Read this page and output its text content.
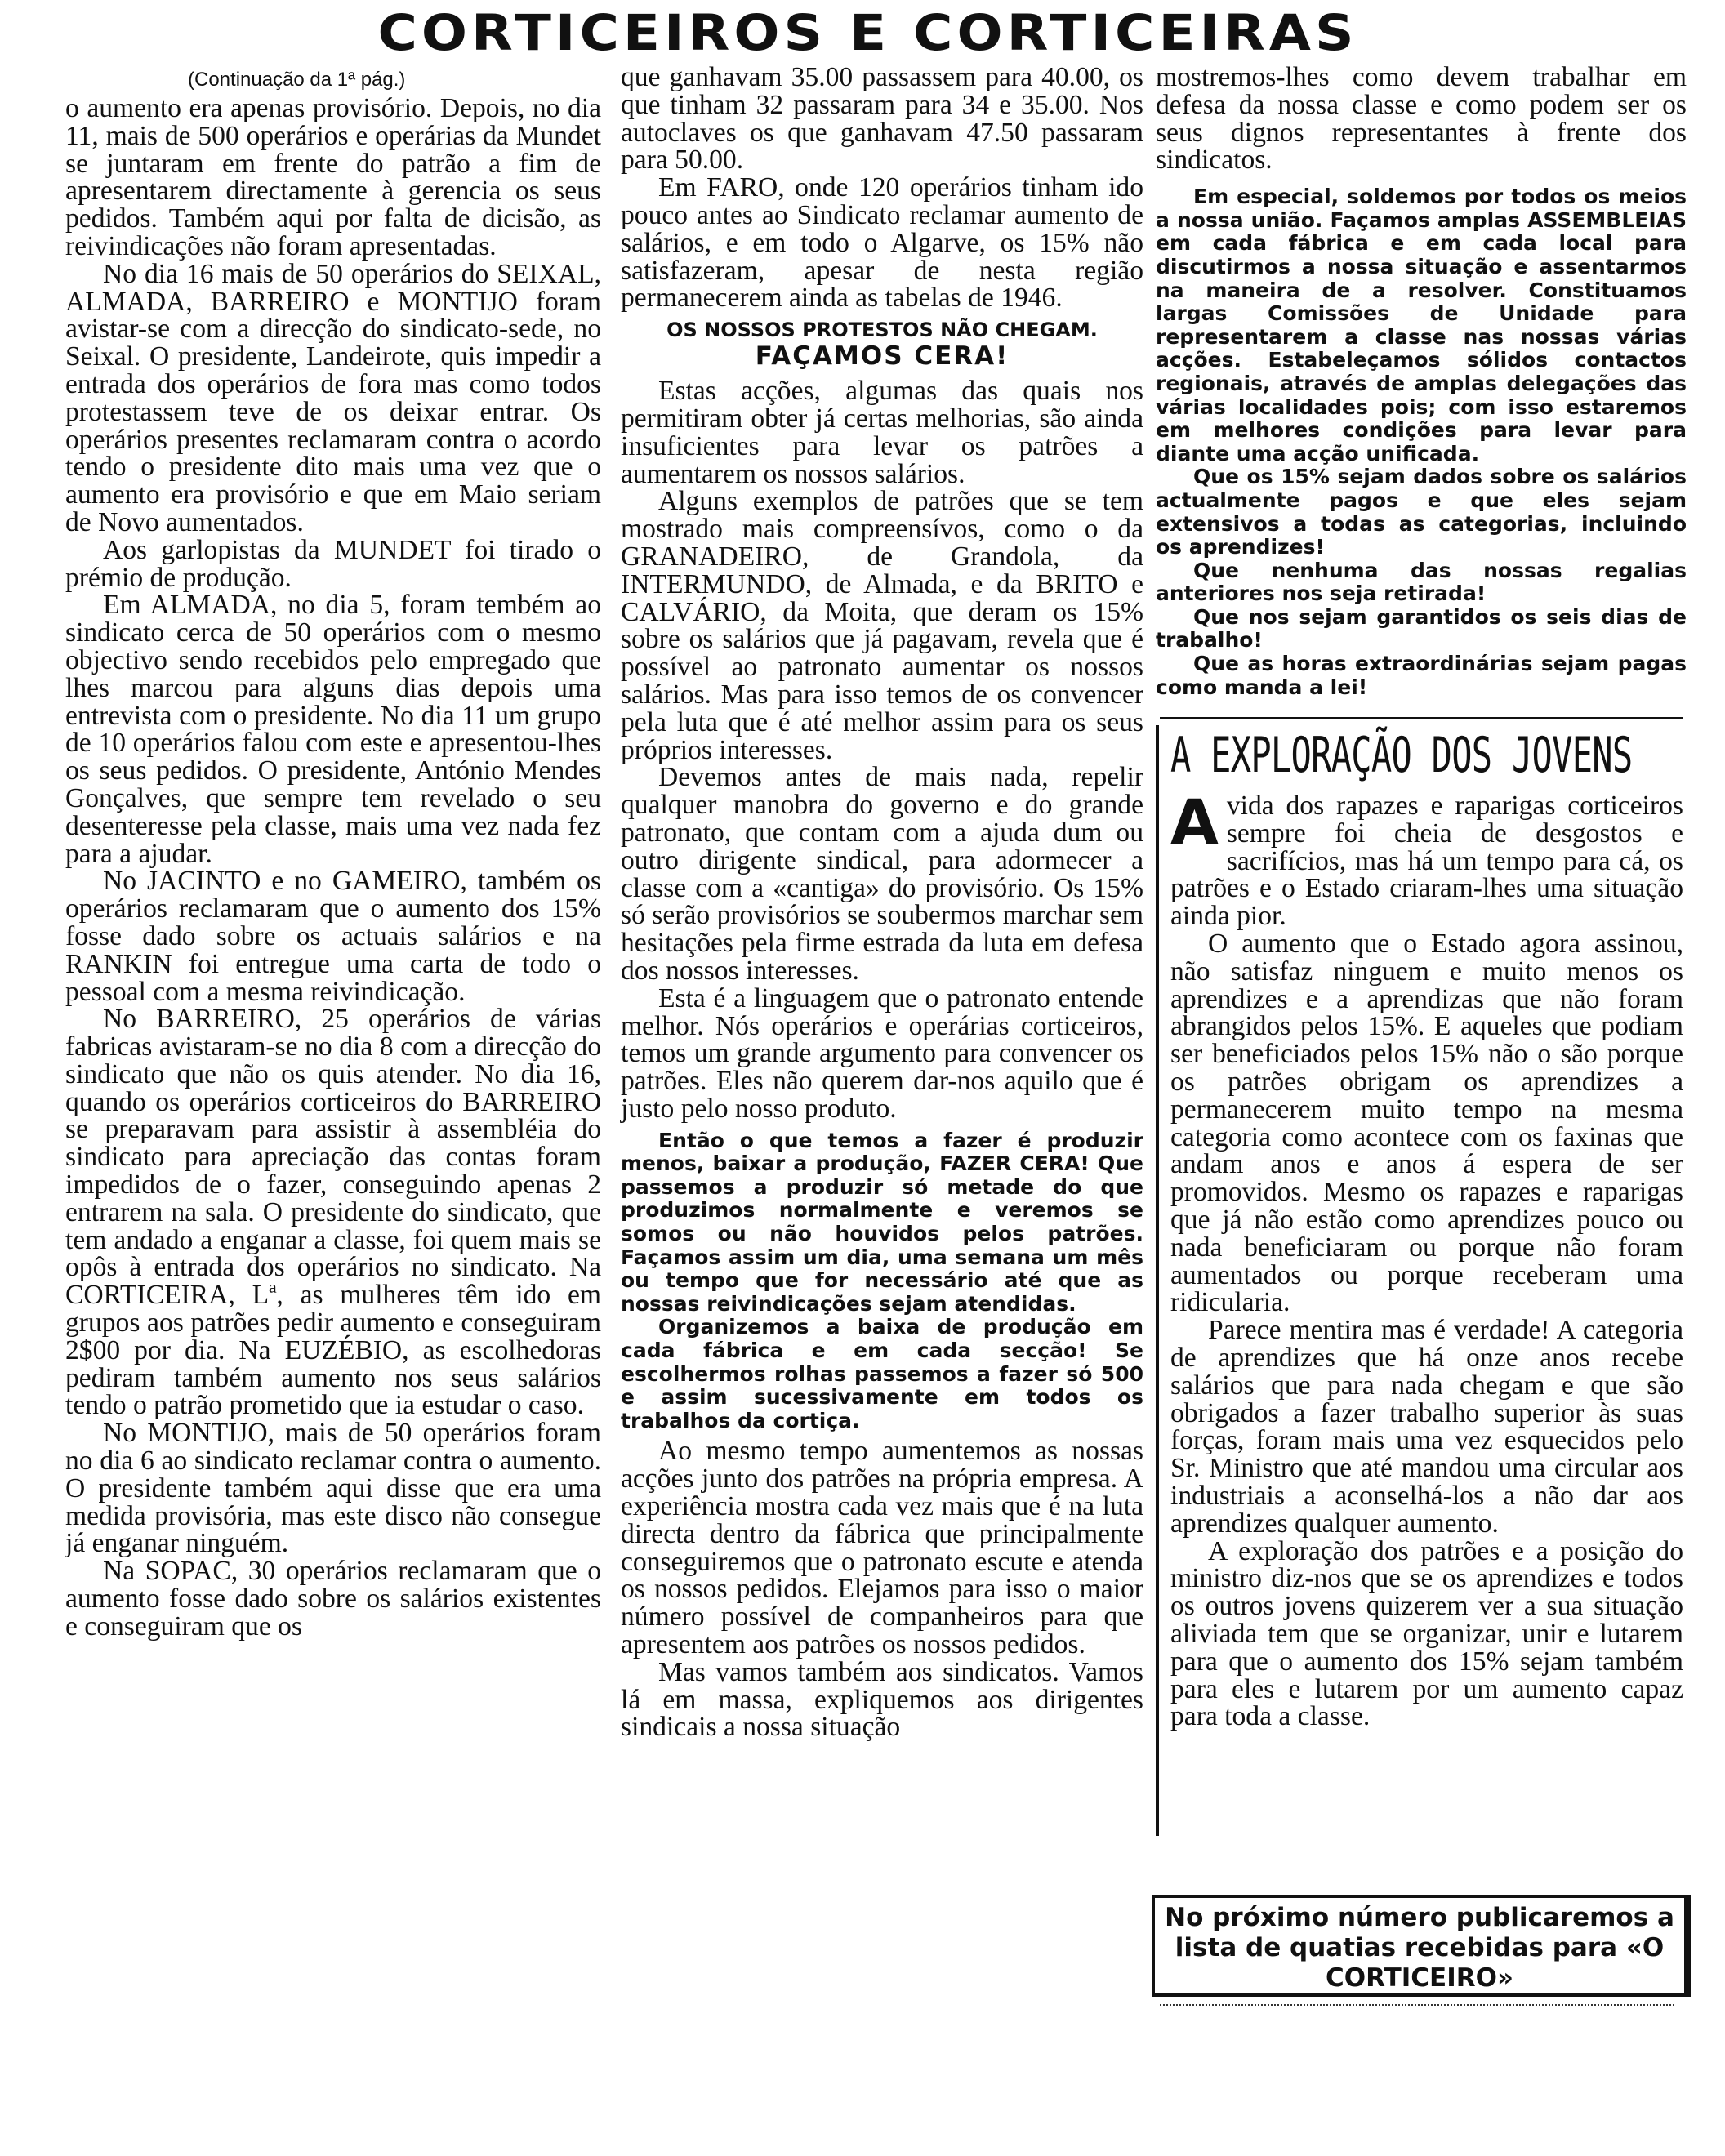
CORTICEIROS E CORTICEIRAS
(Continuação da 1ª pág.)

o aumento era apenas provisório. Depois, no dia 11, mais de 500 operários e operárias da Mundet se juntaram em frente do patrão a fim de apresentarem directamente à gerencia os seus pedidos. Também aqui por falta de dicisão, as reivindicações não foram apresentadas.

No dia 16 mais de 50 operários do SEIXAL, ALMADA, BARREIRO e MONTIJO foram avistar-se com a direcção do sindicato-sede, no Seixal. O presidente, Landeirote, quis impedir a entrada dos operários de fora mas como todos protestassem teve de os deixar entrar. Os operários presentes reclamaram contra o acordo tendo o presidente dito mais uma vez que o aumento era provisório e que em Maio seriam de Novo aumentados.

Aos garlopistas da MUNDET foi tirado o prémio de produção.

Em ALMADA, no dia 5, foram tembém ao sindicato cerca de 50 operários com o mesmo objectivo sendo recebidos pelo empregado que lhes marcou para alguns dias depois uma entrevista com o presidente. No dia 11 um grupo de 10 operários falou com este e apresentou-lhes os seus pedidos. O presidente, António Mendes Gonçalves, que sempre tem revelado o seu desenteresse pela classe, mais uma vez nada fez para a ajudar.

No JACINTO e no GAMEIRO, também os operários reclamaram que o aumento dos 15% fosse dado sobre os actuais salários e na RANKIN foi entregue uma carta de todo o pessoal com a mesma reivindicação.

No BARREIRO, 25 operários de várias fabricas avistaram-se no dia 8 com a direcção do sindicato que não os quis atender. No dia 16, quando os operários corticeiros do BARREIRO se preparavam para assistir à assembléia do sindicato para apreciação das contas foram impedidos de o fazer, conseguindo apenas 2 entrarem na sala. O presidente do sindicato, que tem andado a enganar a classe, foi quem mais se opôs à entrada dos operários no sindicato. Na CORTICEIRA, Lª, as mulheres têm ido em grupos aos patrões pedir aumento e conseguiram 2$00 por dia. Na EUZÉBIO, as escolhedoras pediram também aumento nos seus salários tendo o patrão prometido que ia estudar o caso.

No MONTIJO, mais de 50 operários foram no dia 6 ao sindicato reclamar contra o aumento. O presidente também aqui disse que era uma medida provisória, mas este disco não consegue já enganar ninguém.

Na SOPAC, 30 operários reclamaram que o aumento fosse dado sobre os salários existentes e conseguiram que os

que ganhavam 35.00 passassem para 40.00, os que tinham 32 passaram para 34 e 35.00. Nos autoclaves os que ganhavam 47.50 passaram para 50.00.

Em FARO, onde 120 operários tinham ido pouco antes ao Sindicato reclamar aumento de salários, e em todo o Algarve, os 15% não satisfazeram, apesar de nesta região permanecerem ainda as tabelas de 1946.

OS NOSSOS PROTESTOS NÃO CHEGAM.
FAÇAMOS CERA!

Estas acções, algumas das quais nos permitiram obter já certas melhorias, são ainda insuficientes para levar os patrões a aumentarem os nossos salários.

Alguns exemplos de patrões que se tem mostrado mais compreensívos, como o da GRANADEIRO, de Grandola, da INTERMUNDO, de Almada, e da BRITO e CALVÁRIO, da Moita, que deram os 15% sobre os salários que já pagavam, revela que é possível ao patronato aumentar os nossos salários. Mas para isso temos de os convencer pela luta que é até melhor assim para os seus próprios interesses.

Devemos antes de mais nada, repelir qualquer manobra do governo e do grande patronato, que contam com a ajuda dum ou outro dirigente sindical, para adormecer a classe com a «cantiga» do provisório. Os 15% só serão provisórios se soubermos marchar sem hesitações pela firme estrada da luta em defesa dos nossos interesses.

Esta é a linguagem que o patronato entende melhor. Nós operários e operárias corticeiros, temos um grande argumento para convencer os patrões. Eles não querem dar-nos aquilo que é justo pelo nosso produto.

Então o que temos a fazer é produzir menos, baixar a produção, FAZER CERA! Que passemos a produzir só metade do que produzimos normalmente e veremos se somos ou não houvidos pelos patrões. Façamos assim um dia, uma semana um mês ou tempo que for necessário até que as nossas reivindicações sejam atendidas.

Organizemos a baixa de produção em cada fábrica e em cada secção! Se escolhermos rolhas passemos a fazer só 500 e assim sucessivamente em todos os trabalhos da cortiça.

Ao mesmo tempo aumentemos as nossas acções junto dos patrões na própria empresa. A experiência mostra cada vez mais que é na luta directa dentro da fábrica que principalmente conseguiremos que o patronato escute e atenda os nossos pedidos. Elejamos para isso o maior número possível de companheiros para que apresentem aos patrões os nossos pedidos.

Mas vamos também aos sindicatos. Vamos lá em massa, expliquemos aos dirigentes sindicais a nossa situação

mostremos-lhes como devem trabalhar em defesa da nossa classe e como podem ser os seus dignos representantes à frente dos sindicatos.

Em especial, soldemos por todos os meios a nossa união. Façamos amplas ASSEMBLEIAS em cada fábrica e em cada local para discutirmos a nossa situação e assentarmos na maneira de a resolver. Constituamos largas Comissões de Unidade para representarem a classe nas nossas várias acções. Estabeleçamos sólidos contactos regionais, através de amplas delegações das várias localidades pois; com isso estaremos em melhores condições para levar para diante uma acção unificada.

Que os 15% sejam dados sobre os salários actualmente pagos e que eles sejam extensivos a todas as categorias, incluindo os aprendizes!

Que nenhuma das nossas regalias anteriores nos seja retirada!

Que nos sejam garantidos os seis dias de trabalho!

Que as horas extraordinárias sejam pagas como manda a lei!

A EXPLORAÇÃO DOS JOVENS
A vida dos rapazes e raparigas corticeiros sempre foi cheia de desgostos e sacrifícios, mas há um tempo para cá, os patrões e o Estado criaram-lhes uma situação ainda pior.

O aumento que o Estado agora assinou, não satisfaz ninguem e muito menos os aprendizes e a aprendizas que não foram abrangidos pelos 15%. E aqueles que podiam ser beneficiados pelos 15% não o são porque os patrões obrigam os aprendizes a permanecerem muito tempo na mesma categoria como acontece com os faxinas que andam anos e anos á espera de ser promovidos. Mesmo os rapazes e raparigas que já não estão como aprendizes pouco ou nada beneficiaram ou porque não foram aumentados ou porque receberam uma ridicularia.

Parece mentira mas é verdade! A categoria de aprendizes que há onze anos recebe salários que para nada chegam e que são obrigados a fazer trabalho superior às suas forças, foram mais uma vez esquecidos pelo Sr. Ministro que até mandou uma circular aos industriais a aconselhá-los a não dar aos aprendizes qualquer aumento.

A exploração dos patrões e a posição do ministro diz-nos que se os aprendizes e todos os outros jovens quizerem ver a sua situação aliviada tem que se organizar, unir e lutarem para que o aumento dos 15% sejam também para eles e lutarem por um aumento capaz para toda a classe.

No próximo número publicaremos a lista de quatias recebidas para «O CORTICEIRO»
